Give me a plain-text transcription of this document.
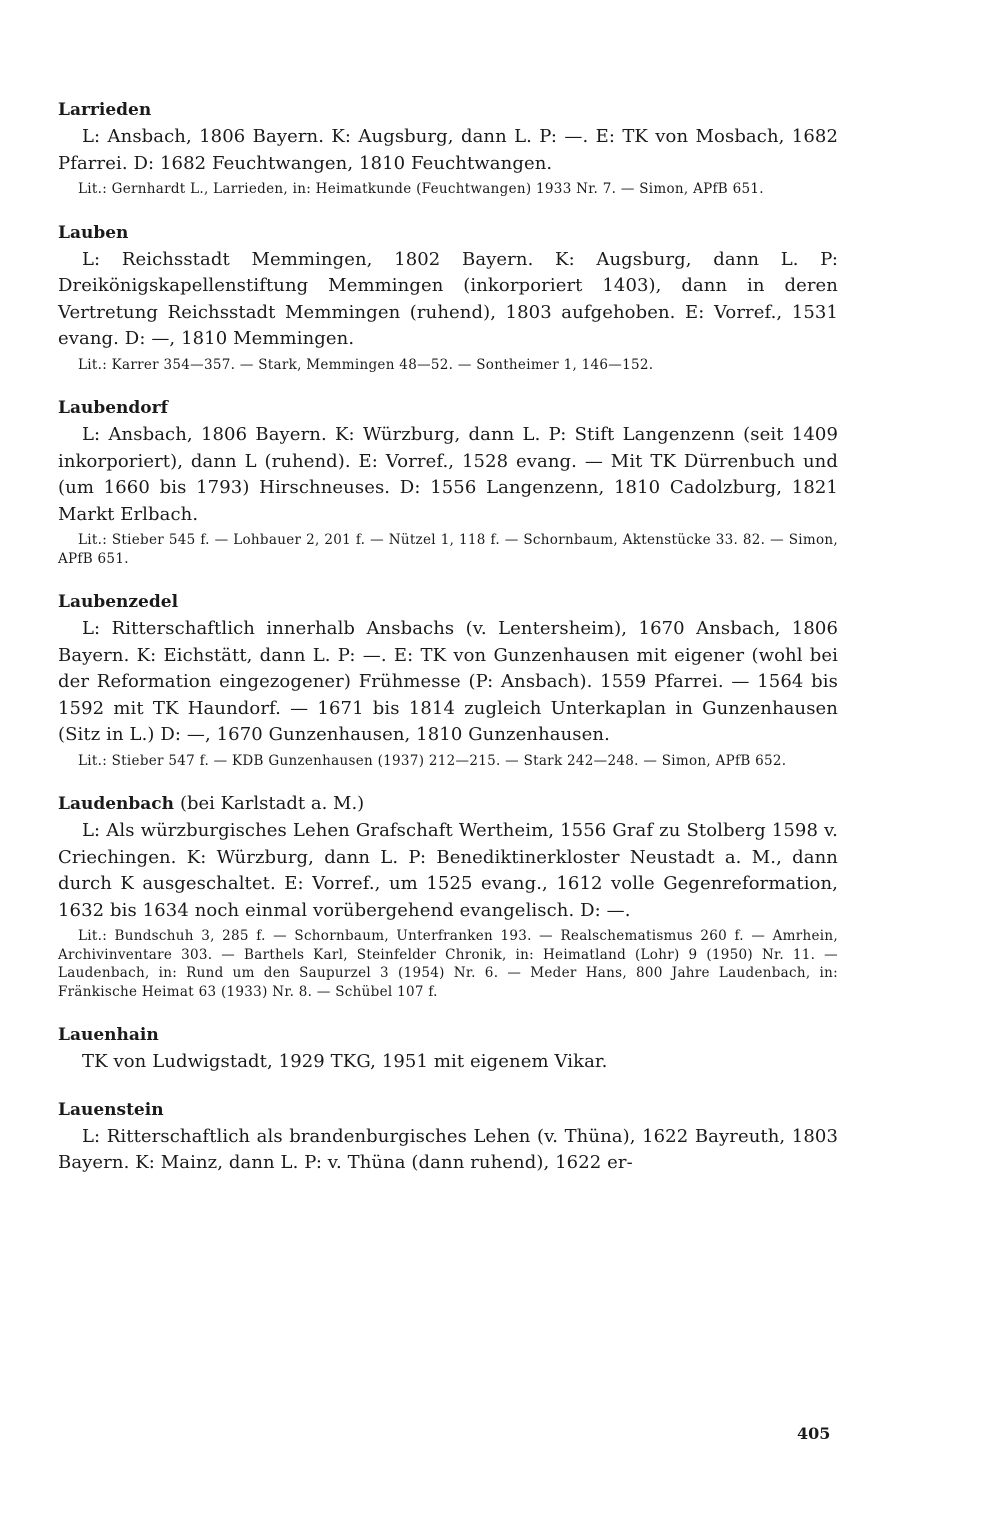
Larrieden

L: Ansbach, 1806 Bayern. K: Augsburg, dann L. P: —. E: TK von Mosbach, 1682 Pfarrei. D: 1682 Feuchtwangen, 1810 Feuchtwangen.

Lit.: Gernhardt L., Larrieden, in: Heimatkunde (Feuchtwangen) 1933 Nr. 7. — Simon, APfB 651.

Lauben

L: Reichsstadt Memmingen, 1802 Bayern. K: Augsburg, dann L. P: Dreikönigskapellenstiftung Memmingen (inkorporiert 1403), dann in deren Vertretung Reichsstadt Memmingen (ruhend), 1803 aufgehoben. E: Vorref., 1531 evang. D: —, 1810 Memmingen.

Lit.: Karrer 354—357. — Stark, Memmingen 48—52. — Sontheimer 1, 146—152.

Laubendorf

L: Ansbach, 1806 Bayern. K: Würzburg, dann L. P: Stift Langenzenn (seit 1409 inkorporiert), dann L (ruhend). E: Vorref., 1528 evang. — Mit TK Dürrenbuch und (um 1660 bis 1793) Hirschneuses. D: 1556 Langenzenn, 1810 Cadolzburg, 1821 Markt Erlbach.

Lit.: Stieber 545 f. — Lohbauer 2, 201 f. — Nützel 1, 118 f. — Schornbaum, Aktenstücke 33. 82. — Simon, APfB 651.

Laubenzedel

L: Ritterschaftlich innerhalb Ansbachs (v. Lentersheim), 1670 Ansbach, 1806 Bayern. K: Eichstätt, dann L. P: —. E: TK von Gunzenhausen mit eigener (wohl bei der Reformation eingezogener) Frühmesse (P: Ansbach). 1559 Pfarrei. — 1564 bis 1592 mit TK Haundorf. — 1671 bis 1814 zugleich Unterkaplan in Gunzenhausen (Sitz in L.) D: —, 1670 Gunzenhausen, 1810 Gunzenhausen.

Lit.: Stieber 547 f. — KDB Gunzenhausen (1937) 212—215. — Stark 242—248. — Simon, APfB 652.

Laudenbach (bei Karlstadt a. M.)

L: Als würzburgisches Lehen Grafschaft Wertheim, 1556 Graf zu Stolberg 1598 v. Criechingen. K: Würzburg, dann L. P: Benediktinerkloster Neustadt a. M., dann durch K ausgeschaltet. E: Vorref., um 1525 evang., 1612 volle Gegenreformation, 1632 bis 1634 noch einmal vorübergehend evangelisch. D: —.

Lit.: Bundschuh 3, 285 f. — Schornbaum, Unterfranken 193. — Realschematismus 260 f. — Amrhein, Archivinventare 303. — Barthels Karl, Steinfelder Chronik, in: Heimatland (Lohr) 9 (1950) Nr. 11. — Laudenbach, in: Rund um den Saupurzel 3 (1954) Nr. 6. — Meder Hans, 800 Jahre Laudenbach, in: Fränkische Heimat 63 (1933) Nr. 8. — Schübel 107 f.

Lauenhain

TK von Ludwigstadt, 1929 TKG, 1951 mit eigenem Vikar.

Lauenstein

L: Ritterschaftlich als brandenburgisches Lehen (v. Thüna), 1622 Bayreuth, 1803 Bayern. K: Mainz, dann L. P: v. Thüna (dann ruhend), 1622 er-

405
